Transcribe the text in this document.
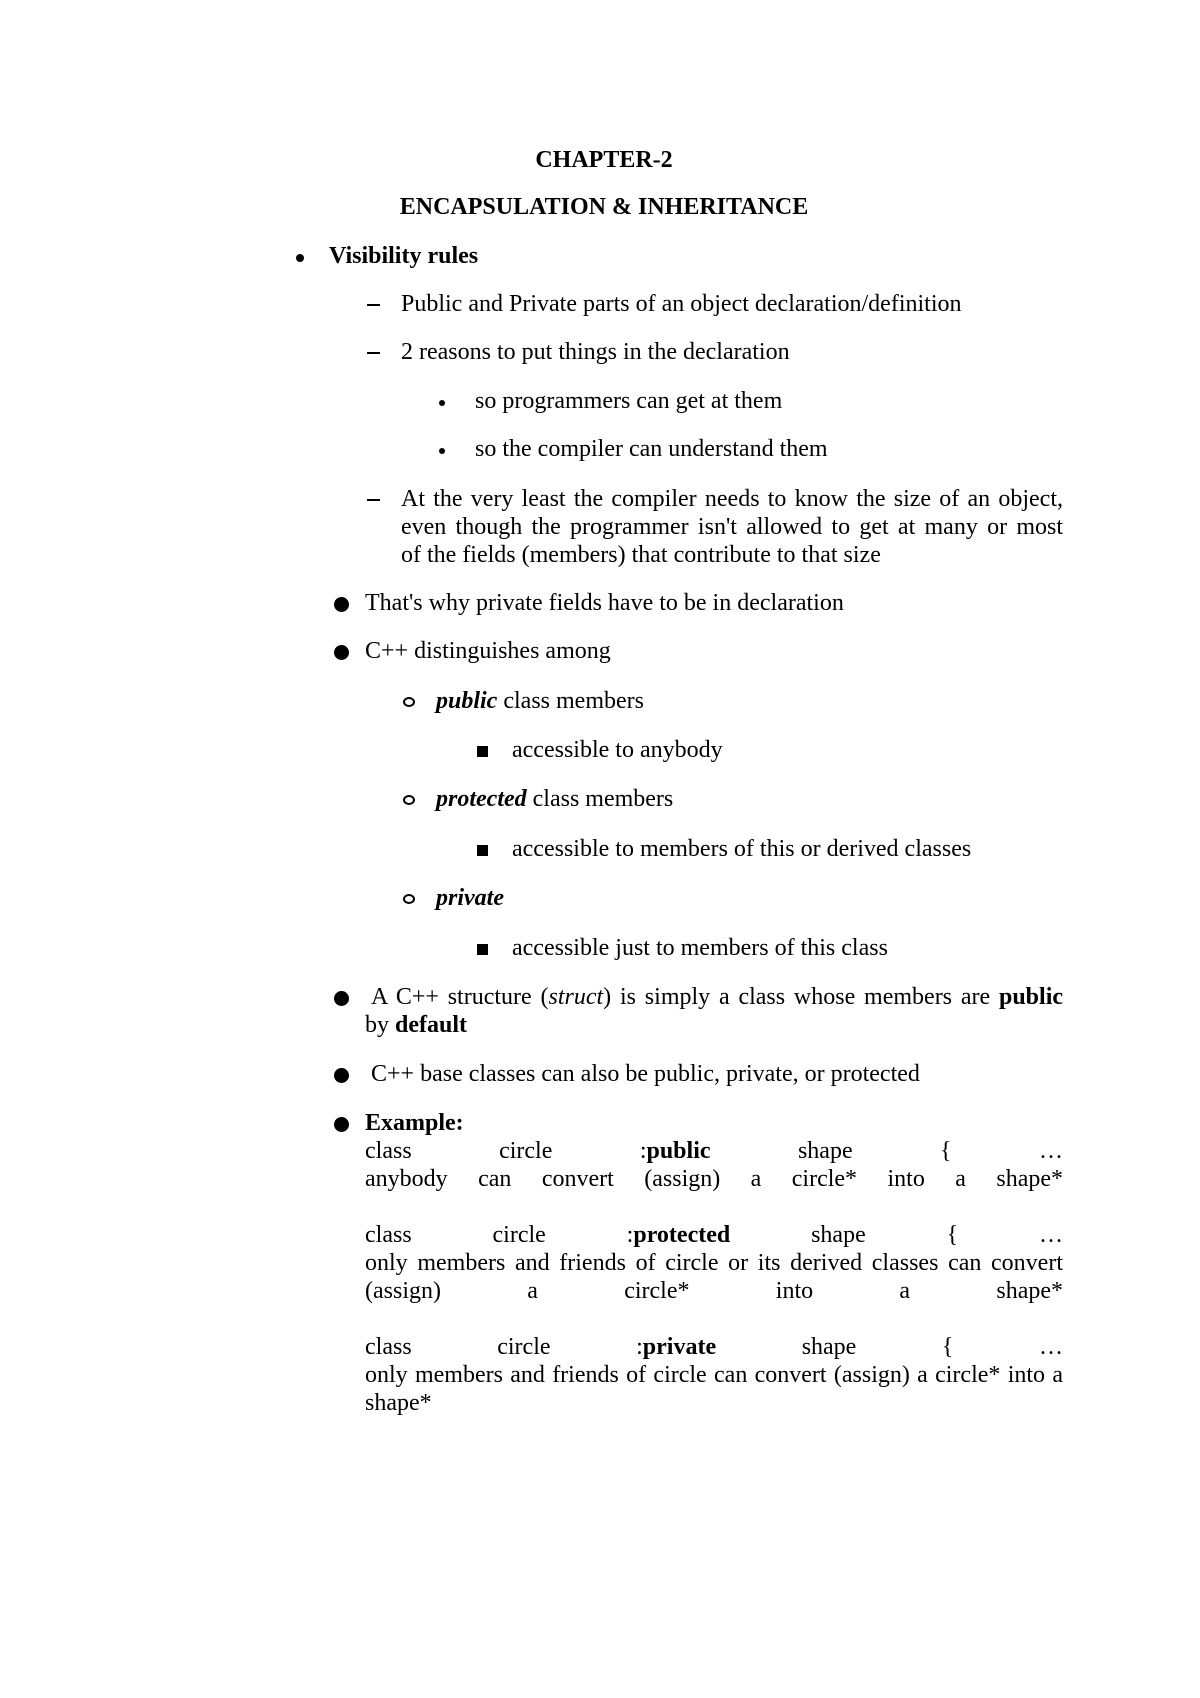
CHAPTER-2
ENCAPSULATION & INHERITANCE
Visibility rules
Public and Private parts of an object declaration/definition
2 reasons to put things in the declaration
so programmers can get at them
so the compiler can understand them
At the very least the compiler needs to know the size of an object,
even though the programmer isn't allowed to get at many or most
of the fields (members) that contribute to that size
That's why private fields have to be in declaration
C++ distinguishes among
public class members
accessible to anybody
protected class members
accessible to members of this or derived classes
private
accessible just to members of this class
A C++ structure (struct) is simply a class whose members are public
by default
C++ base classes can also be public, private, or protected
Example:
class circle :public	shape { …
anybody can convert (assign) a circle* into a shape*
class circle :protected	shape { …
only members and friends of circle or its derived classes can convert
(assign) a circle* into a shape*
class circle :private	shape { …
only members and friends of circle can convert (assign) a circle* into a
shape*
